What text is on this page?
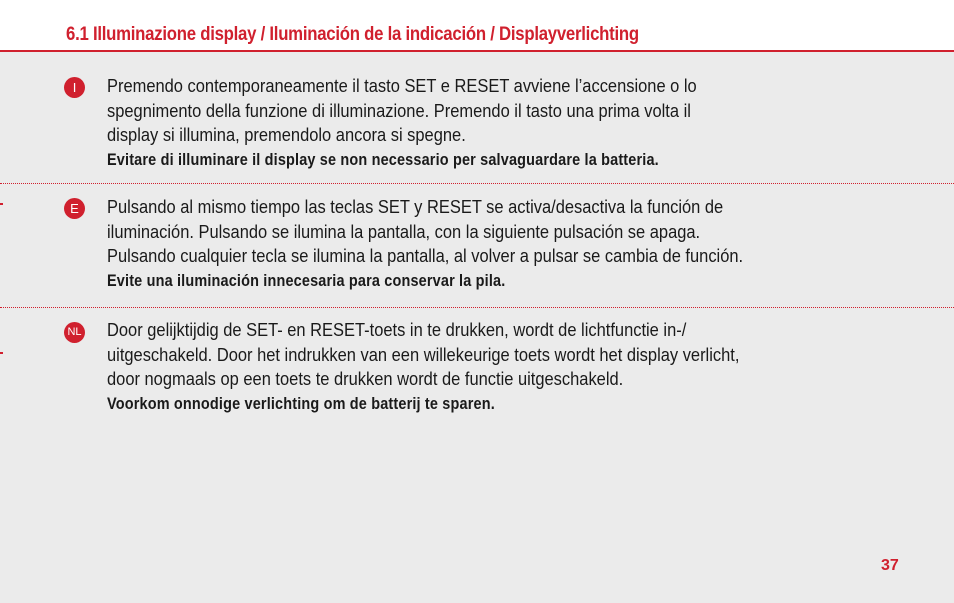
6.1 Illuminazione display / Iluminación de la indicación / Displayverlichting
I	Premendo contemporaneamente il tasto SET e RESET avviene l’accensione o lo
spegnimento della funzione di illuminazione. Premendo il tasto una prima volta il
display si illumina, premendolo ancora si spegne.
Evitare di illuminare il display se non necessario per salvaguardare la batteria.
E	Pulsando al mismo tiempo las teclas SET y RESET se activa/desactiva la función de
iluminación. Pulsando se ilumina la pantalla, con la siguiente pulsación se apaga.
Pulsando cualquier tecla se ilumina la pantalla, al volver a pulsar se cambia de función.
Evite una iluminación innecesaria para conservar la pila.
NL Door gelijktijdig de SET- en RESET-toets in te drukken, wordt de lichtfunctie in-/
uitgeschakeld. Door het indrukken van een willekeurige toets wordt het display verlicht,
door nogmaals op een toets te drukken wordt de functie uitgeschakeld.
Voorkom onnodige verlichting om de batterij te sparen.
37
